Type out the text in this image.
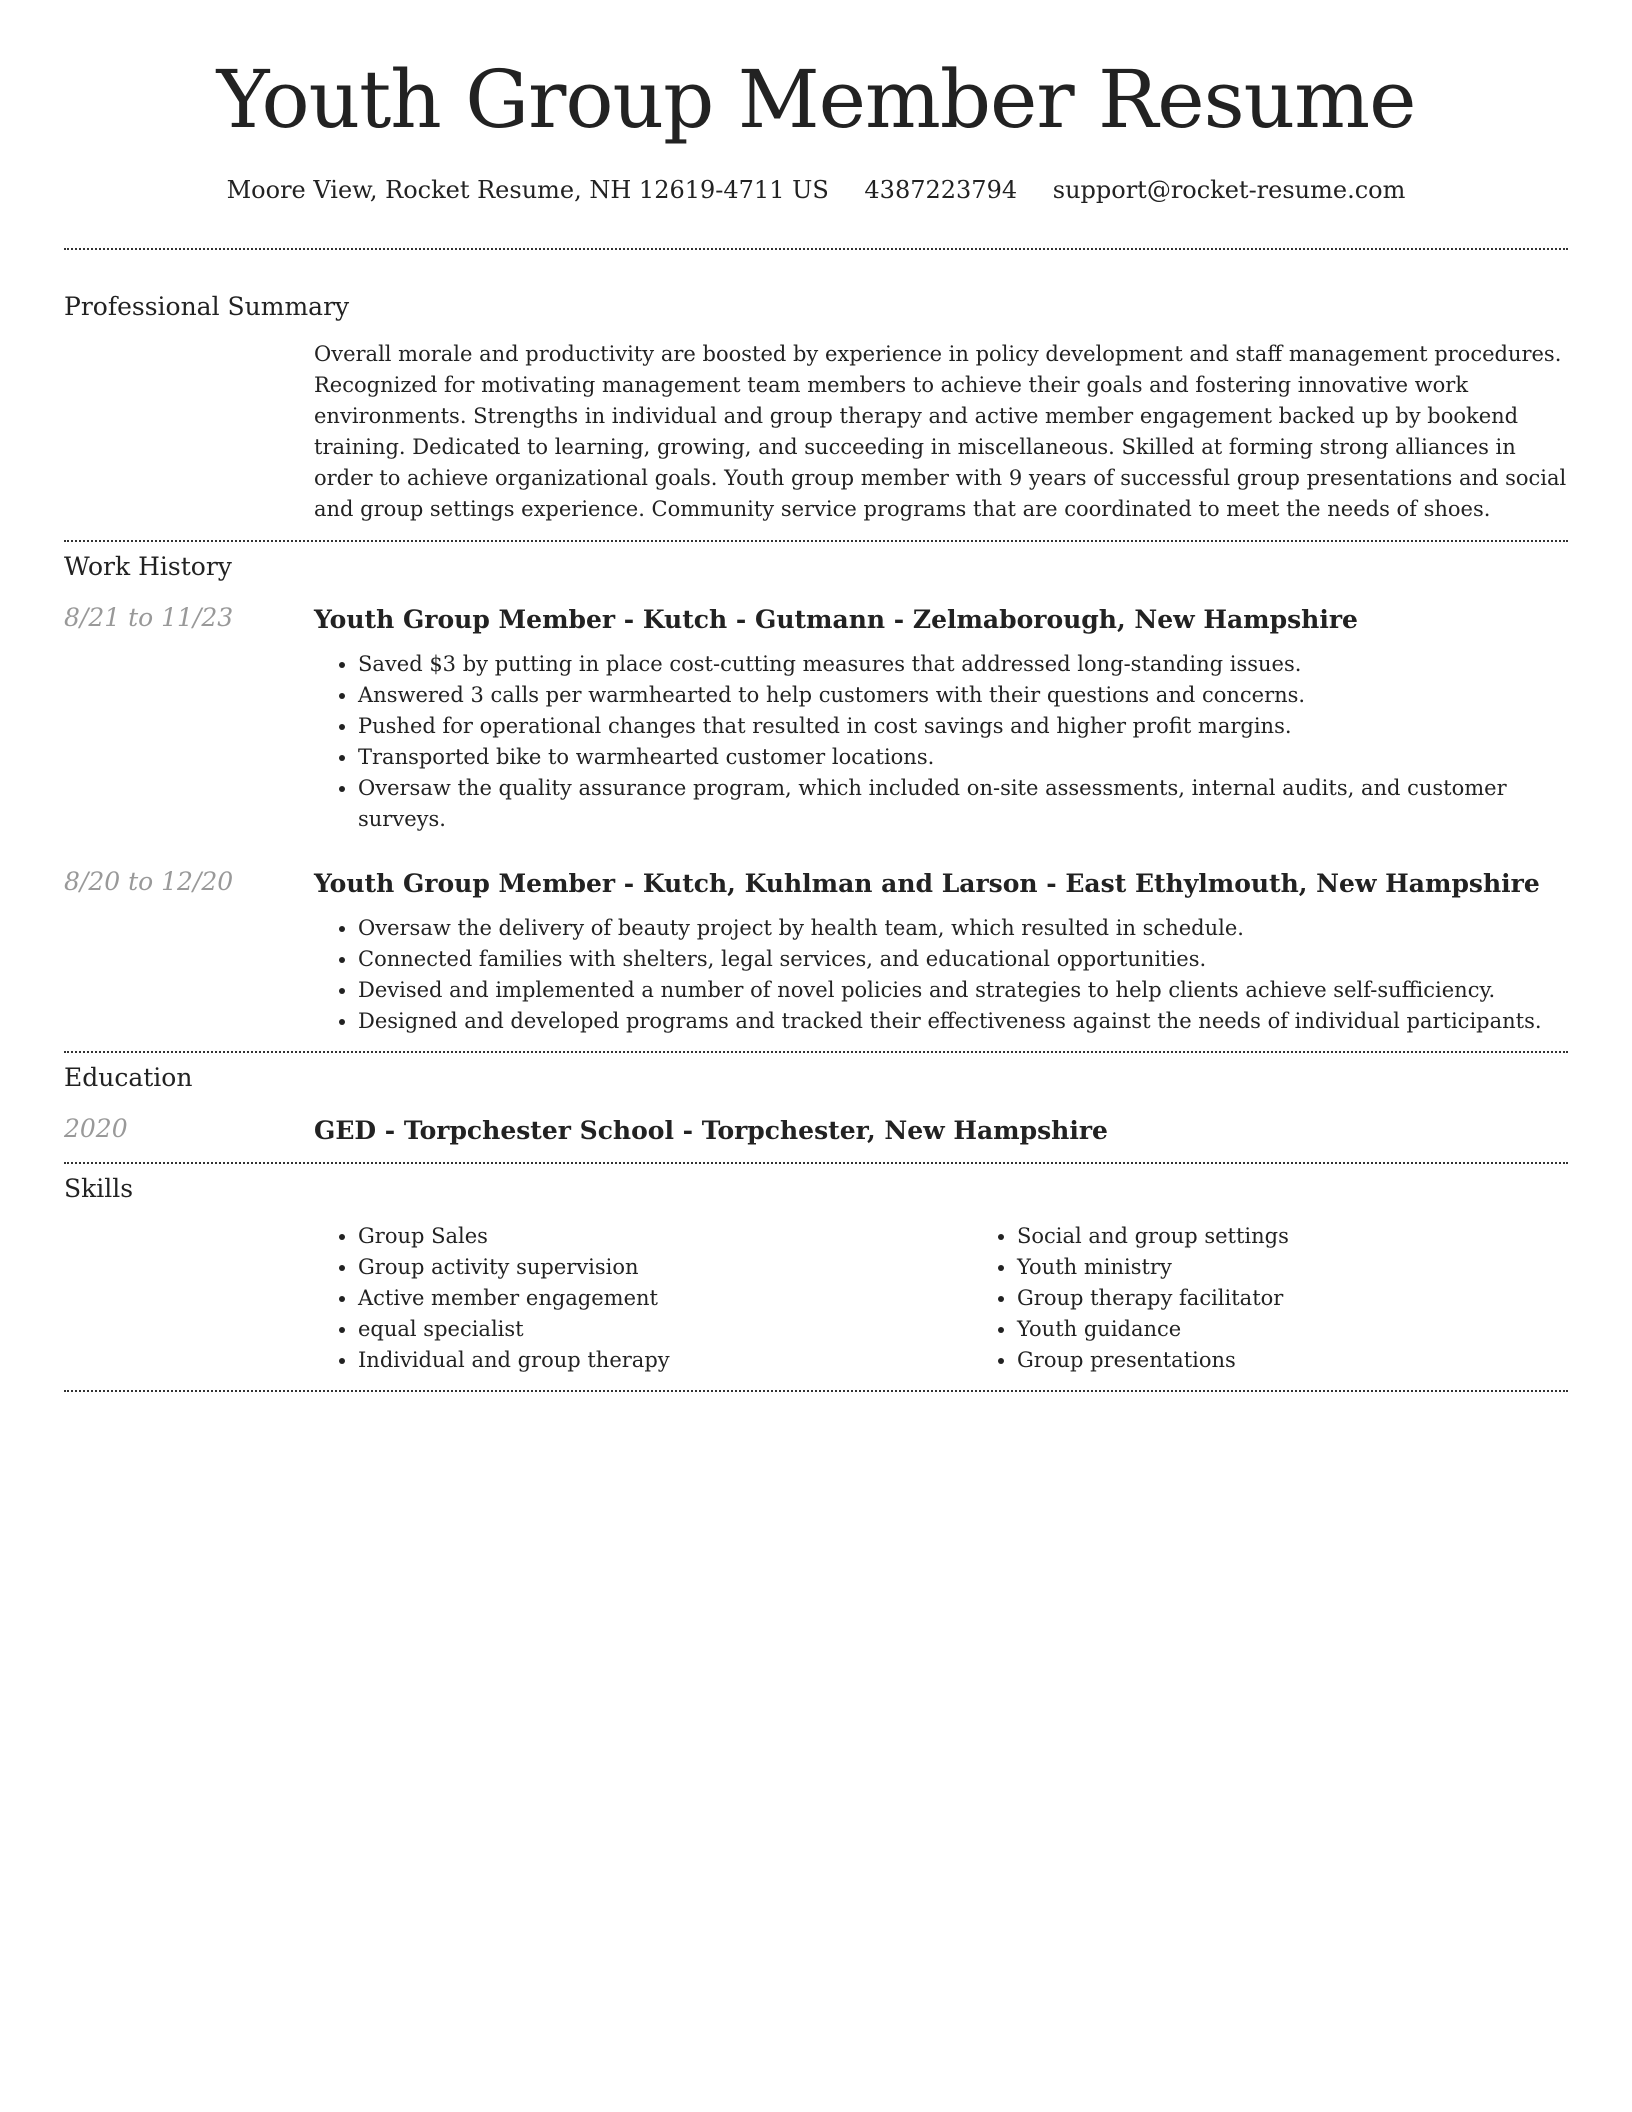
Youth Group Member Resume
Moore View, Rocket Resume, NH 12619-4711 US 4387223794 support@rocket-resume.com
Professional Summary

Overall morale and productivity are boosted by experience in policy development and staff management procedures. Recognized for motivating management team members to achieve their goals and fostering innovative work environments. Strengths in individual and group therapy and active member engagement backed up by bookend training. Dedicated to learning, growing, and succeeding in miscellaneous. Skilled at forming strong alliances in order to achieve organizational goals. Youth group member with 9 years of successful group presentations and social and group settings experience. Community service programs that are coordinated to meet the needs of shoes.

Work History
8/21 to 11/23	Youth Group Member - Kutch - Gutmann - Zelmaborough, New Hampshire
• Saved $3 by putting in place cost-cutting measures that addressed long-standing issues.
• Answered 3 calls per warmhearted to help customers with their questions and concerns.
• Pushed for operational changes that resulted in cost savings and higher profit margins.
• Transported bike to warmhearted customer locations.
• Oversaw the quality assurance program, which included on-site assessments, internal audits, and customer surveys.
8/20 to 12/20	Youth Group Member - Kutch, Kuhlman and Larson - East Ethylmouth, New Hampshire
• Oversaw the delivery of beauty project by health team, which resulted in schedule.
• Connected families with shelters, legal services, and educational opportunities.
• Devised and implemented a number of novel policies and strategies to help clients achieve self-sufficiency.
• Designed and developed programs and tracked their effectiveness against the needs of individual participants.
Education
2020	GED - Torpchester School - Torpchester, New Hampshire
Skills
• Group Sales
• Group activity supervision
• Active member engagement
• equal specialist
• Individual and group therapy
• Social and group settings
• Youth ministry
• Group therapy facilitator
• Youth guidance
• Group presentations
